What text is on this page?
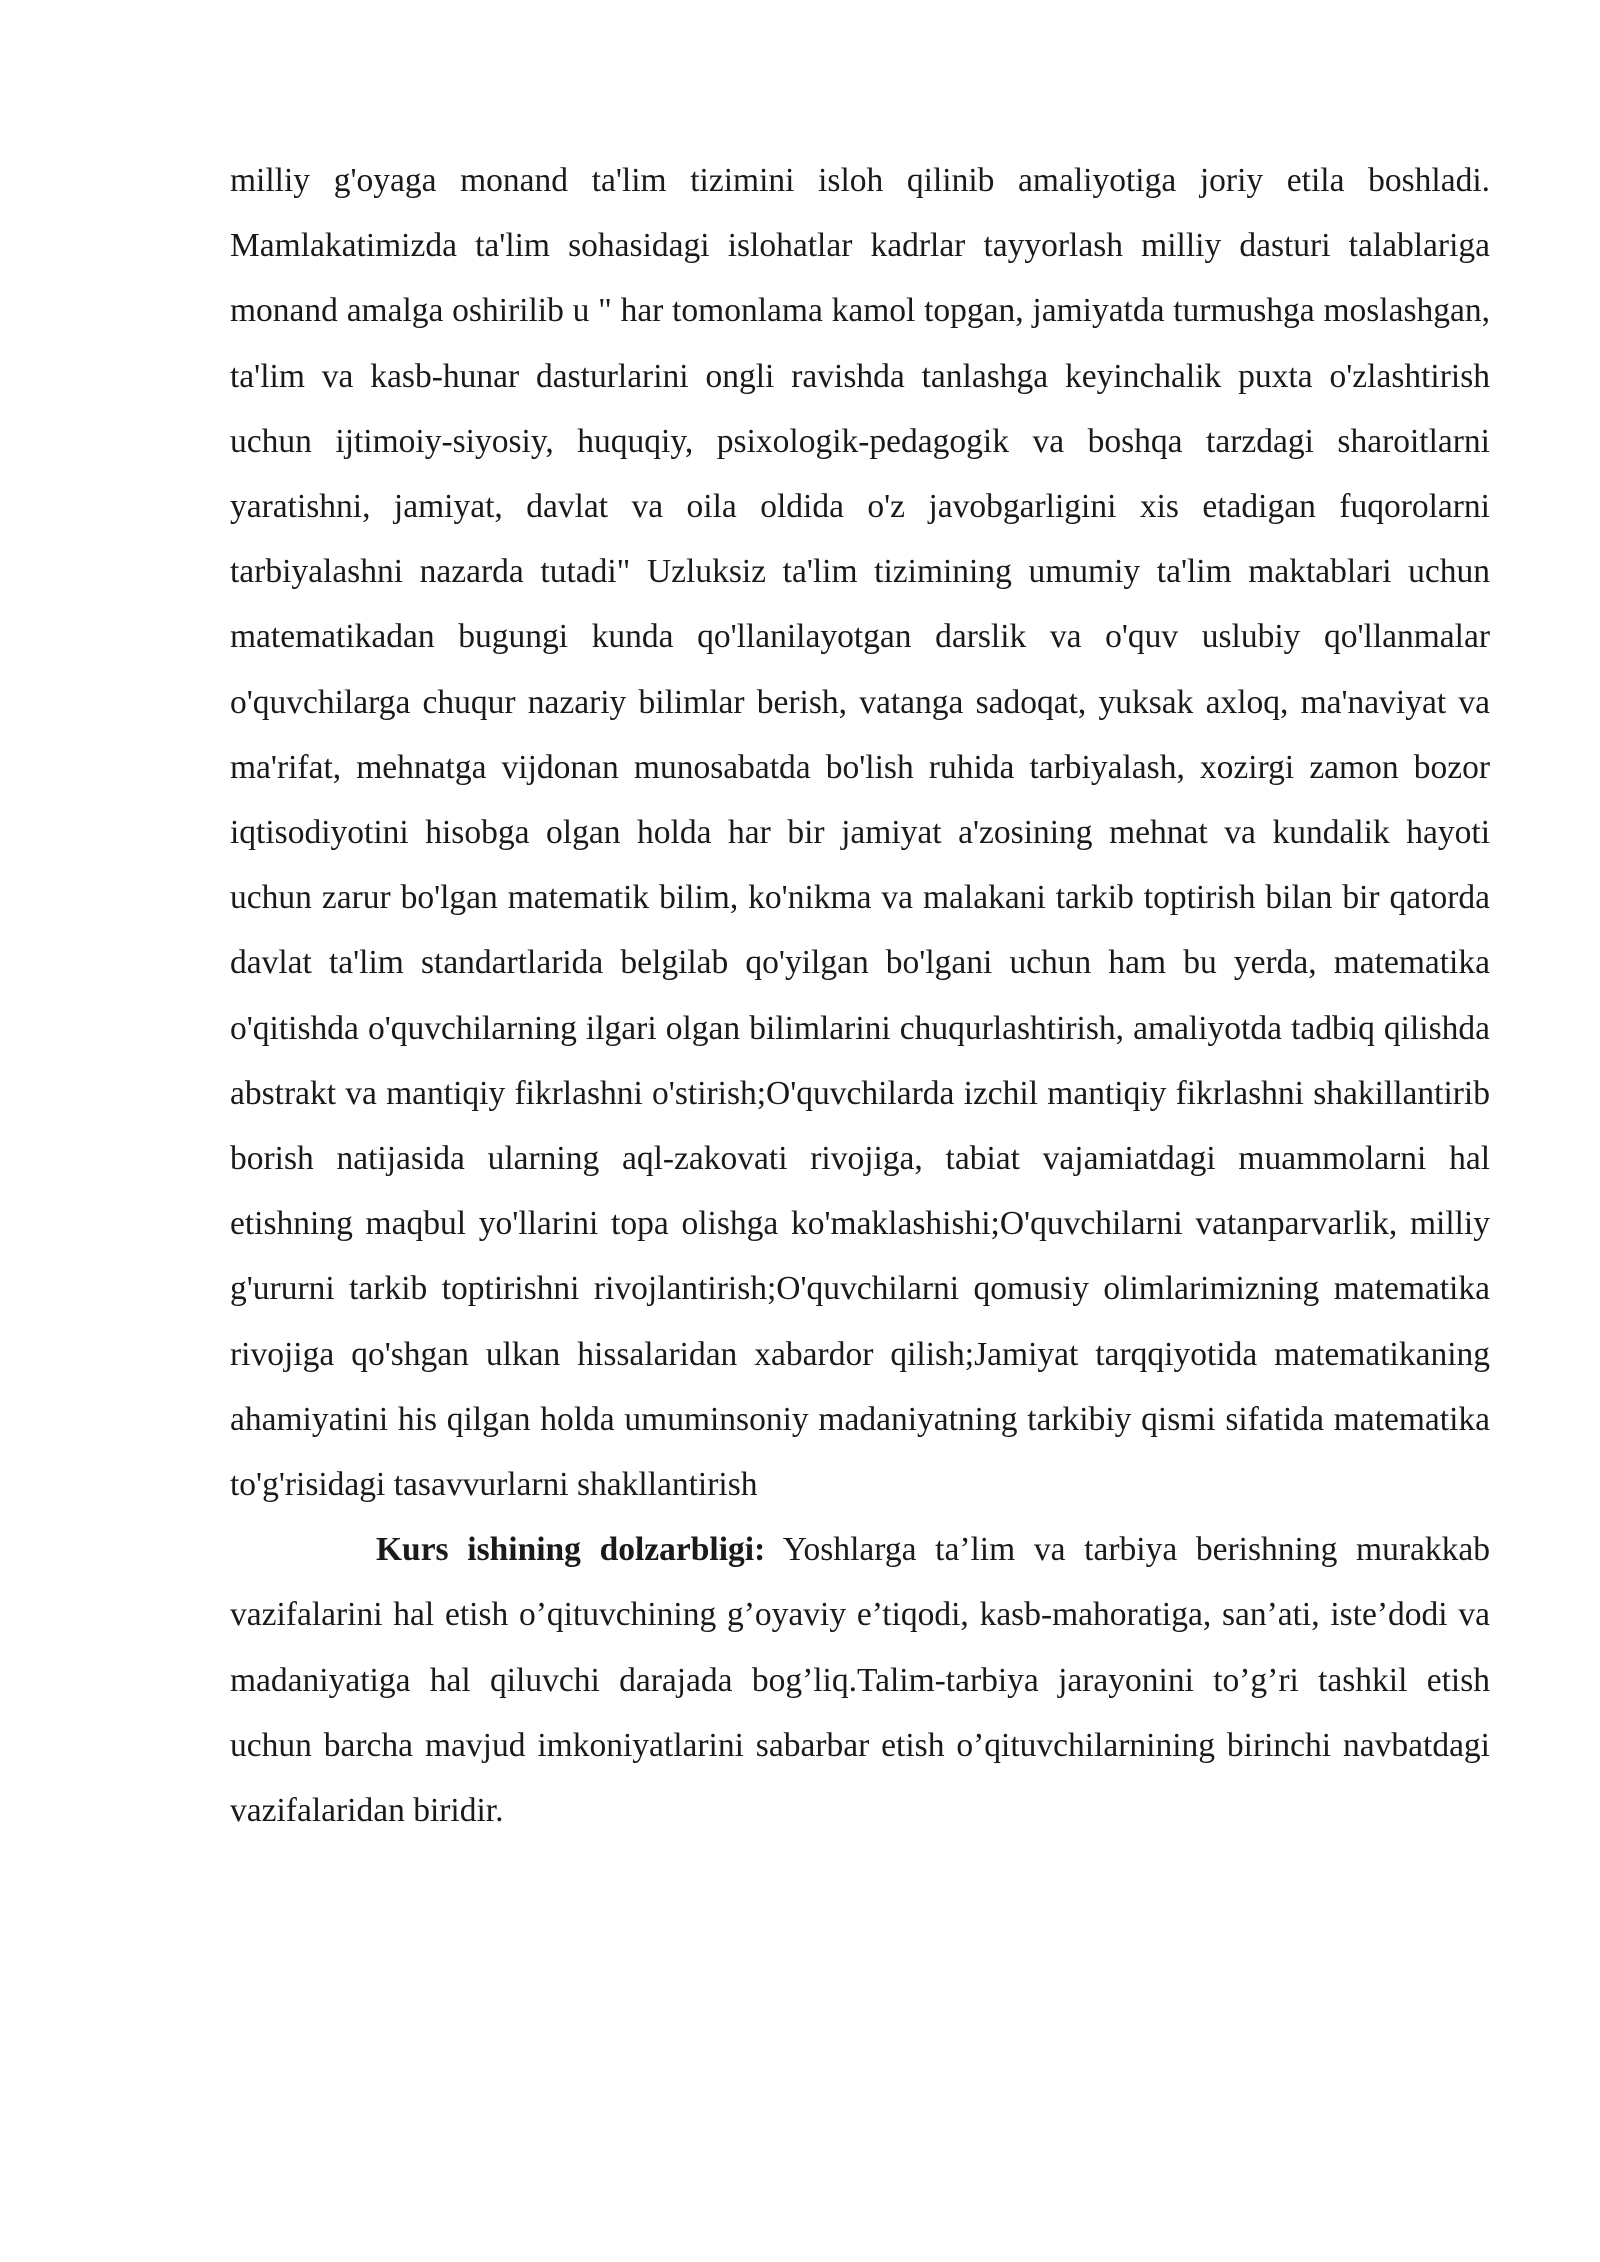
milliy g'oyaga monand ta'lim tizimini isloh qilinib amaliyotiga joriy etila boshladi. Mamlakatimizda ta'lim sohasidagi islohatlar kadrlar tayyorlash milliy dasturi talablariga monand amalga oshirilib u " har tomonlama kamol topgan, jamiyatda turmushga moslashgan, ta'lim va kasb-hunar dasturlarini ongli ravishda tanlashga keyinchalik puxta o'zlashtirish uchun ijtimoiy-siyosiy, huquqiy, psixologik-pedagogik va boshqa tarzdagi sharoitlarni yaratishni, jamiyat, davlat va oila oldida o'z javobgarligini xis etadigan fuqorolarni tarbiyalashni nazarda tutadi" Uzluksiz ta'lim tizimining umumiy ta'lim maktablari uchun matematikadan bugungi kunda qo'llanilayotgan darslik va o'quv uslubiy qo'llanmalar o'quvchilarga chuqur nazariy bilimlar berish, vatanga sadoqat, yuksak axloq, ma'naviyat va ma'rifat, mehnatga vijdonan munosabatda bo'lish ruhida tarbiyalash, xozirgi zamon bozor iqtisodiyotini hisobga olgan holda har bir jamiyat a'zosining mehnat va kundalik hayoti uchun zarur bo'lgan matematik bilim, ko'nikma va malakani tarkib toptirish bilan bir qatorda davlat ta'lim standartlarida belgilab qo'yilgan bo'lgani uchun ham bu yerda, matematika o'qitishda o'quvchilarning ilgari olgan bilimlarini chuqurlashtirish, amaliyotda tadbiq qilishda abstrakt va mantiqiy fikrlashni o'stirish;O'quvchilarda izchil mantiqiy fikrlashni shakillantirib borish natijasida ularning aql-zakovati rivojiga, tabiat vajamiatdagi muammolarni hal etishning maqbul yo'llarini topa olishga ko'maklashishi;O'quvchilarni vatanparvarlik, milliy g'ururni tarkib toptirishni rivojlantirish;O'quvchilarni qomusiy olimlarimizning matematika rivojiga qo'shgan ulkan hissalaridan xabardor qilish;Jamiyat tarqqiyotida matematikaning ahamiyatini his qilgan holda umuminsoniy madaniyatning tarkibiy qismi sifatida matematika to'g'risidagi tasavvurlarni shakllantirish

Kurs ishining dolzarbligi: Yoshlarga ta’lim va tarbiya berishning murakkab vazifalarini hal etish o’qituvchining g’oyaviy e’tiqodi, kasb-mahoratiga, san’ati, iste’dodi va madaniyatiga hal qiluvchi darajada bog’liq.Talim-tarbiya jarayonini to’g’ri tashkil etish uchun barcha mavjud imkoniyatlarini sabarbar etish o’qituvchilarnining birinchi navbatdagi vazifalaridan biridir.
